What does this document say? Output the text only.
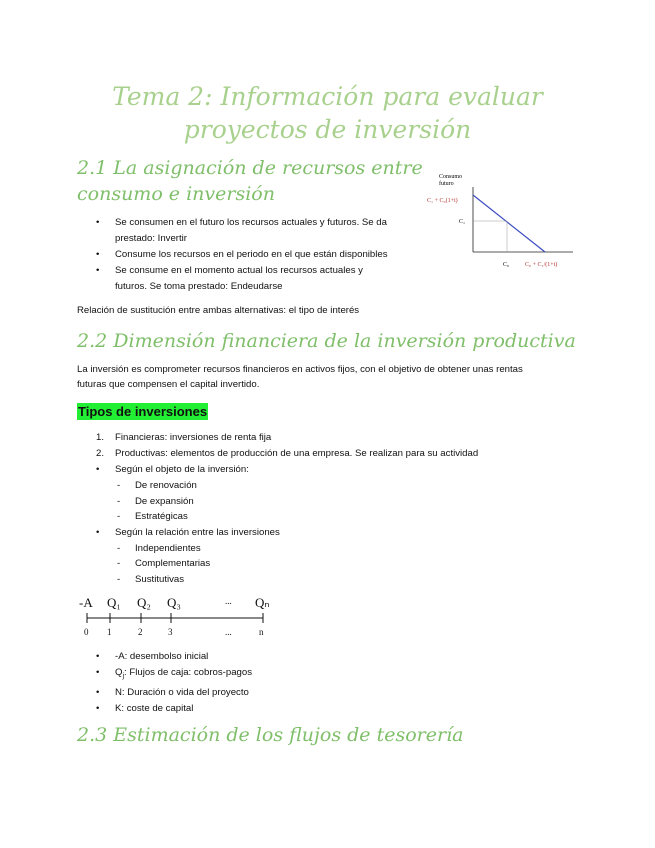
Tema 2: Información para evaluar
proyectos de inversión
2.1 La asignación de recursos entre
consumo e inversión
• Se consumen en el futuro los recursos actuales y futuros. Se da
prestado: Invertir
• Consume los recursos en el periodo en el que están disponibles
• Se consume en el momento actual los recursos actuales y
futuros. Se toma prestado: Endeudarse
Relación de sustitución entre ambas alternativas: el tipo de interés
Consumo
futuro
C₁ + C₀(1+i)
C₁
C₀	C₀ + C₁/(1+i)
2.2 Dimensión financiera de la inversión productiva
La inversión es comprometer recursos financieros en activos fijos, con el objetivo de obtener unas rentas
futuras que compensen el capital invertido.
Tipos de inversiones
1. Financieras: inversiones de renta fija
2. Productivas: elementos de producción de una empresa. Se realizan para su actividad
• Según el objeto de la inversión:
- De renovación
- De expansión
- Estratégicas
• Según la relación entre las inversiones
- Independientes
- Complementarias
- Sustitutivas
-A Q₁ Q₂ Q₃	... Qₙ
0 1	2	3	...	n
• -A: desembolso inicial
• $Q_j$: Flujos de caja: cobros-pagos
• N: Duración o vida del proyecto
• K: coste de capital
2.3 Estimación de los flujos de tesorería
